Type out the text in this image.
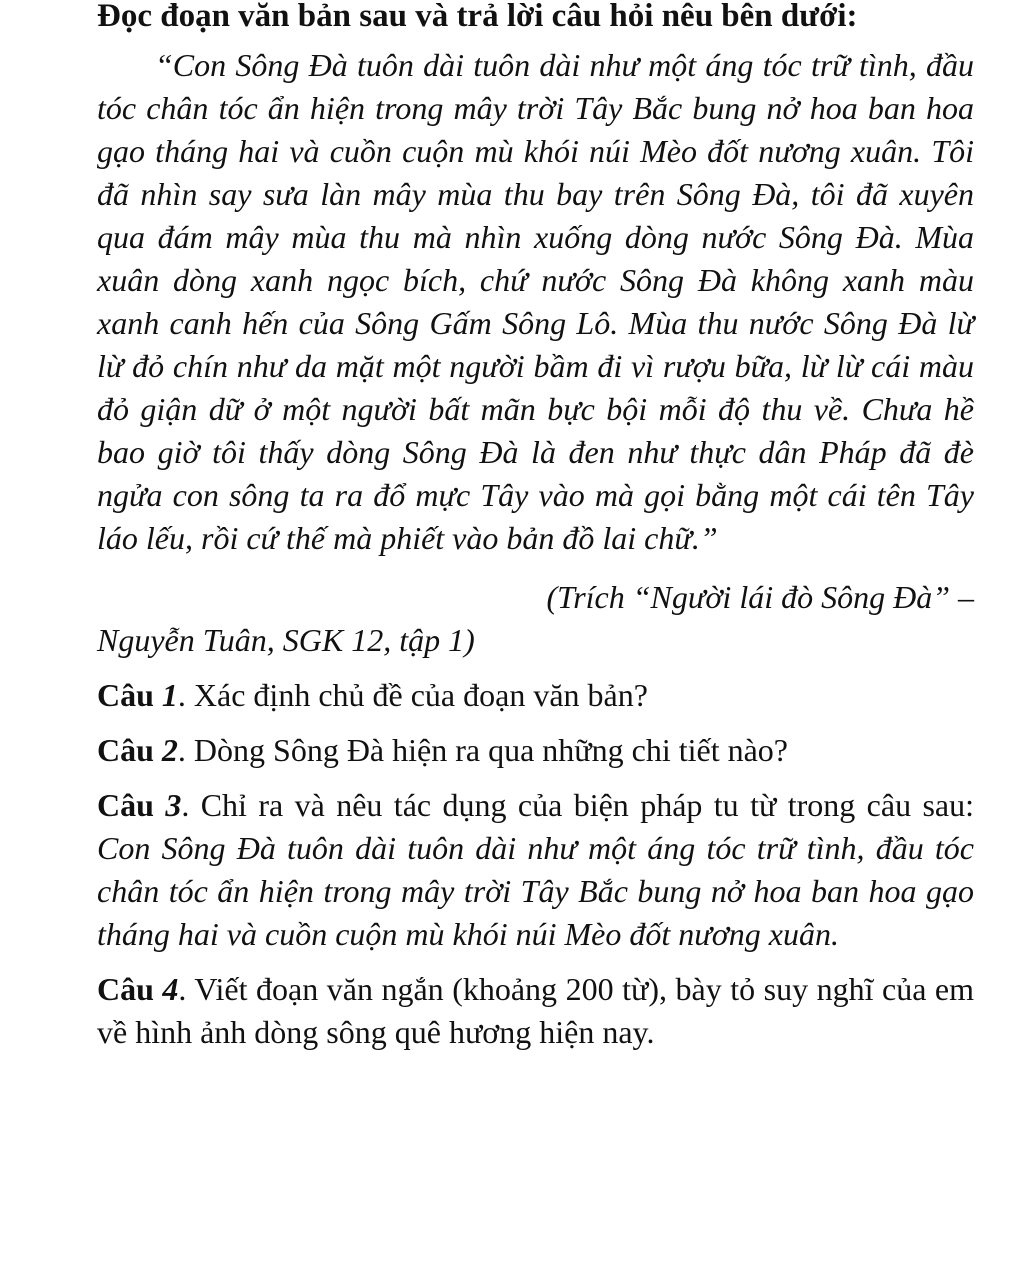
Đọc đoạn văn bản sau và trả lời câu hỏi nêu bên dưới:

“Con Sông Đà tuôn dài tuôn dài như một áng tóc trữ tình, đầu tóc chân tóc ẩn hiện trong mây trời Tây Bắc bung nở hoa ban hoa gạo tháng hai và cuồn cuộn mù khói núi Mèo đốt nương xuân. Tôi đã nhìn say sưa làn mây mùa thu bay trên Sông Đà, tôi đã xuyên qua đám mây mùa thu mà nhìn xuống dòng nước Sông Đà. Mùa xuân dòng xanh ngọc bích, chứ nước Sông Đà không xanh màu xanh canh hến của Sông Gấm Sông Lô. Mùa thu nước Sông Đà lừ lừ đỏ chín như da mặt một người bầm đi vì rượu bữa, lừ lừ cái màu đỏ giận dữ ở một người bất mãn bực bội mỗi độ thu về. Chưa hề bao giờ tôi thấy dòng Sông Đà là đen như thực dân Pháp đã đè ngửa con sông ta ra đổ mực Tây vào mà gọi bằng một cái tên Tây láo lếu, rồi cứ thế mà phiết vào bản đồ lai chữ.”

(Trích “Người lái đò Sông Đà” –
Nguyễn Tuân, SGK 12, tập 1)

Câu 1. Xác định chủ đề của đoạn văn bản?

Câu 2. Dòng Sông Đà hiện ra qua những chi tiết nào?

Câu 3. Chỉ ra và nêu tác dụng của biện pháp tu từ trong câu sau: Con Sông Đà tuôn dài tuôn dài như một áng tóc trữ tình, đầu tóc chân tóc ẩn hiện trong mây trời Tây Bắc bung nở hoa ban hoa gạo tháng hai và cuồn cuộn mù khói núi Mèo đốt nương xuân.

Câu 4. Viết đoạn văn ngắn (khoảng 200 từ), bày tỏ suy nghĩ của em về hình ảnh dòng sông quê hương hiện nay.
